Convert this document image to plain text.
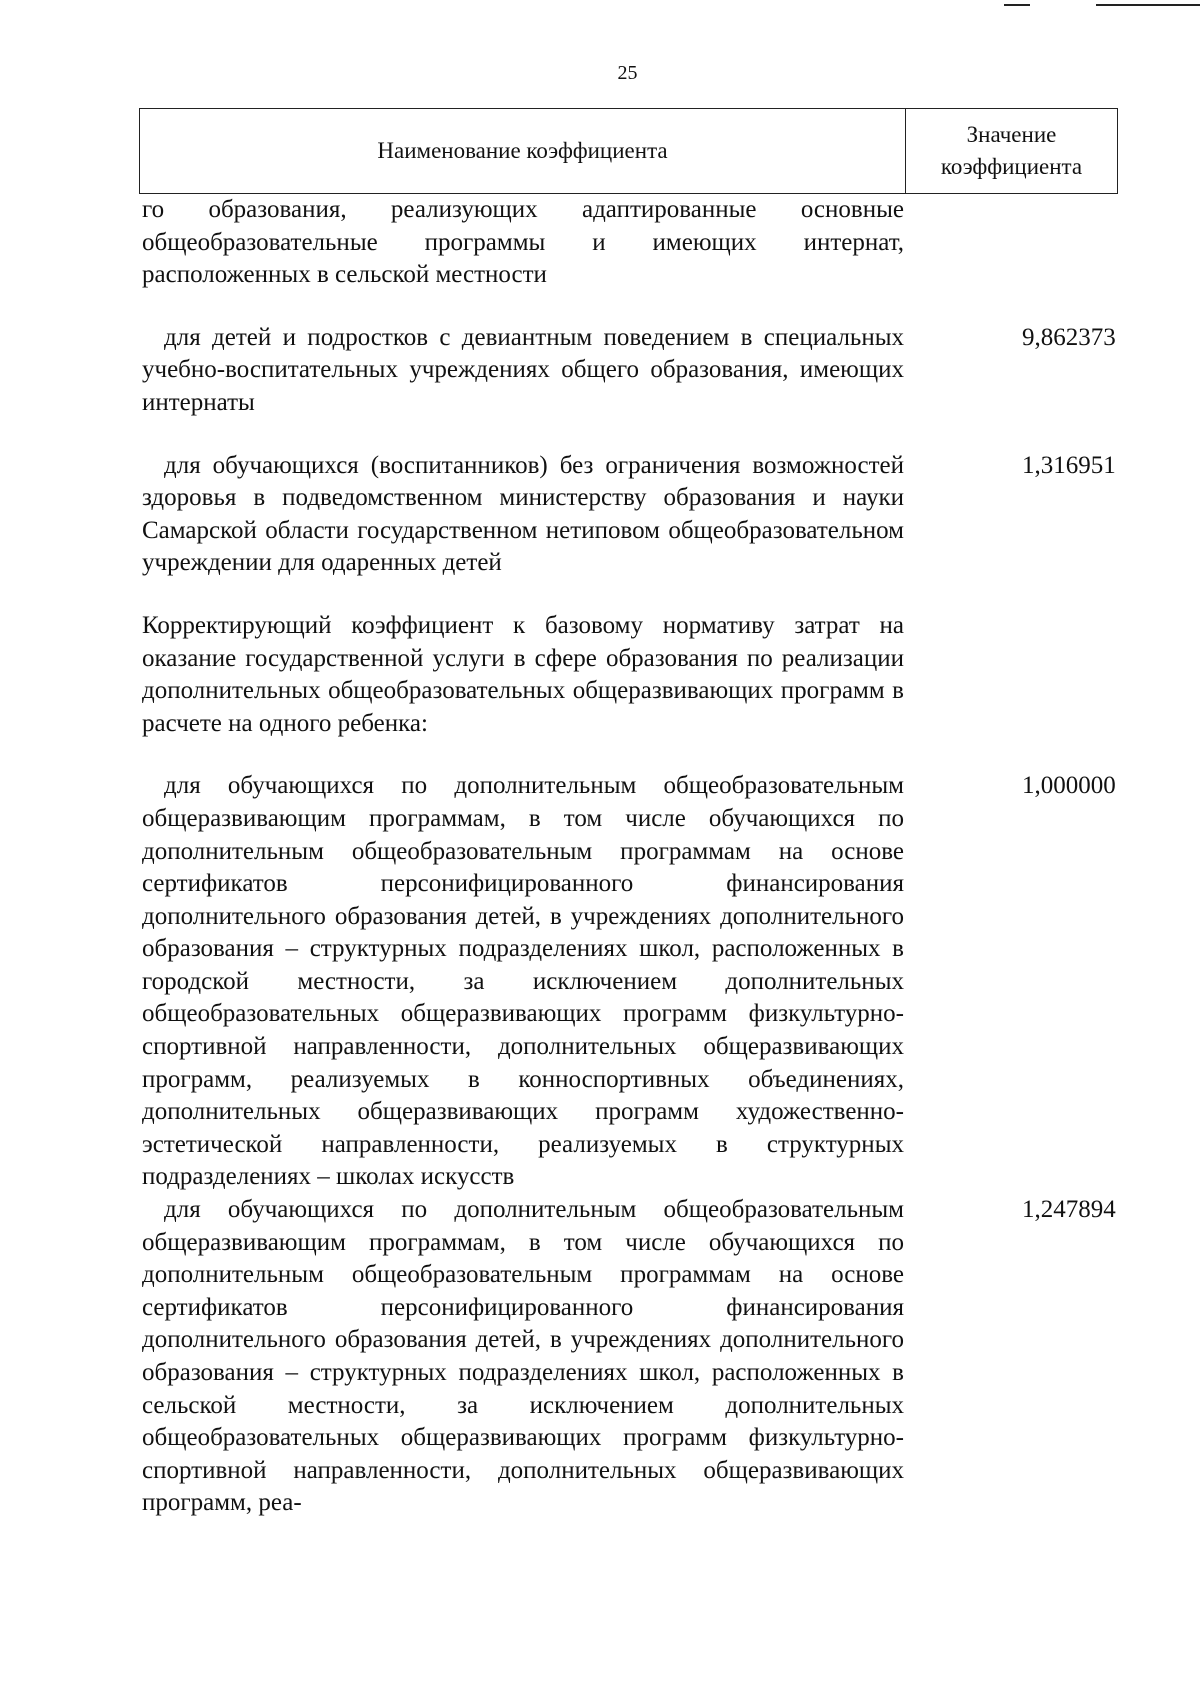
25
Наименование коэффициента
Значение
коэффициента
го образования, реализующих адаптированные основные общеобразовательные программы и имеющих интернат, расположенных в сельской местности
для детей и подростков с девиантным поведением в специальных учебно-воспитательных учреждениях общего образования, имеющих интернаты
9,862373
для обучающихся (воспитанников) без ограничения возможностей здоровья в подведомственном министерству образования и науки Самарской области государственном нетиповом общеобразовательном учреждении для одаренных детей
1,316951
Корректирующий коэффициент к базовому нормативу затрат на оказание государственной услуги в сфере образования по реализации дополнительных общеобразовательных общеразвивающих программ в расчете на одного ребенка:
для обучающихся по дополнительным общеобразовательным общеразвивающим программам, в том числе обучающихся по дополнительным общеобразовательным программам на основе сертификатов персонифицированного финансирования дополнительного образования детей, в учреждениях дополнительного образования – структурных подразделениях школ, расположенных в городской местности, за исключением дополнительных общеобразовательных общеразвивающих программ физкультурно-спортивной направленности, дополнительных общеразвивающих программ, реализуемых в конноспортивных объединениях, дополнительных общеразвивающих программ художественно-эстетической направленности, реализуемых в структурных подразделениях – школах искусств
1,000000
для обучающихся по дополнительным общеобразовательным общеразвивающим программам, в том числе обучающихся по дополнительным общеобразовательным программам на основе сертификатов персонифицированного финансирования дополнительного образования детей, в учреждениях дополнительного образования – структурных подразделениях школ, расположенных в сельской местности, за исключением дополнительных общеобразовательных общеразвивающих программ физкультурно-спортивной направленности, дополнительных общеразвивающих программ, реа-
1,247894
